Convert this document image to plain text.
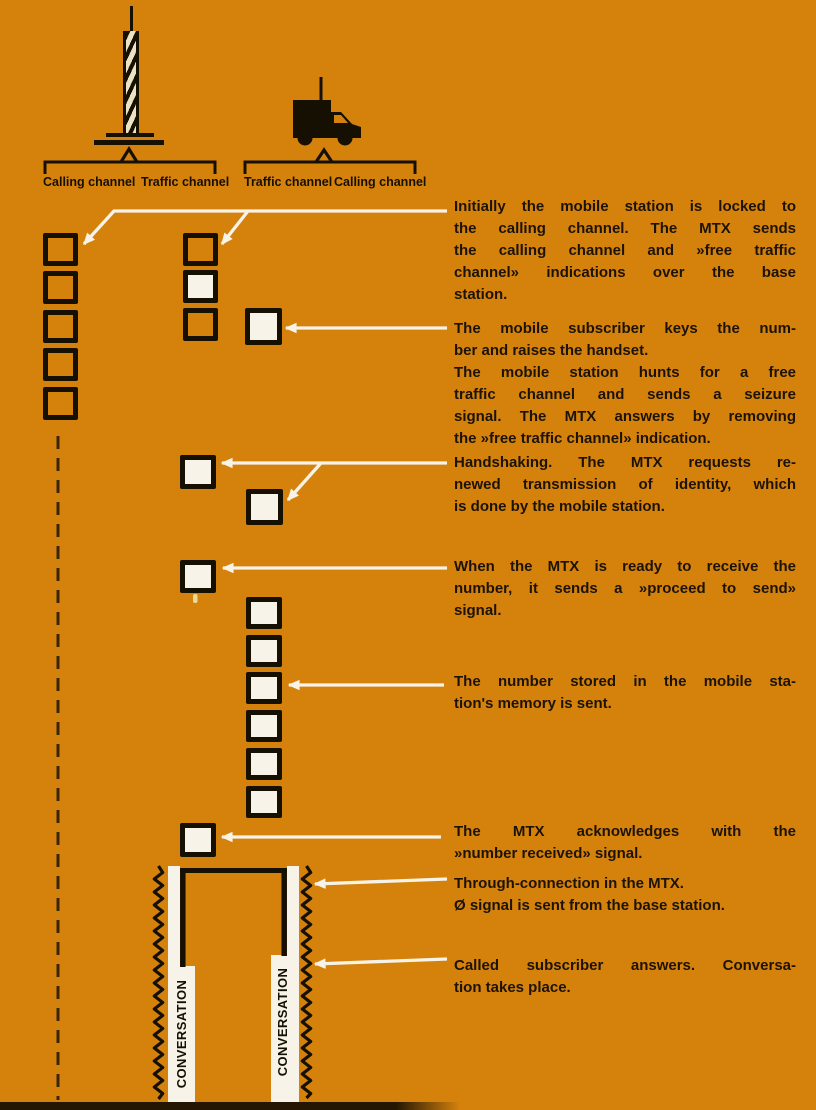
Calling channel Traffic channel Traffic channel Calling channel
CONVERSATION	CONVERSATION
Initially the mobile station is locked to
the calling channel. The MTX sends
the calling channel and »free traffic
channel» indications over the base
station.
The mobile subscriber keys the num-
ber and raises the handset.
The mobile station hunts for a free
traffic channel and sends a seizure
signal. The MTX answers by removing
the »free traffic channel» indication.
Handshaking. The MTX requests re-
newed transmission of identity, which
is done by the mobile station.
When the MTX is ready to receive the
number, it sends a »proceed to send»
signal.
The number stored in the mobile sta-
tion's memory is sent.
The MTX acknowledges with the
»number received» signal.
Through-connection in the MTX.
Ø signal is sent from the base station.
Called subscriber answers. Conversa-
tion takes place.
